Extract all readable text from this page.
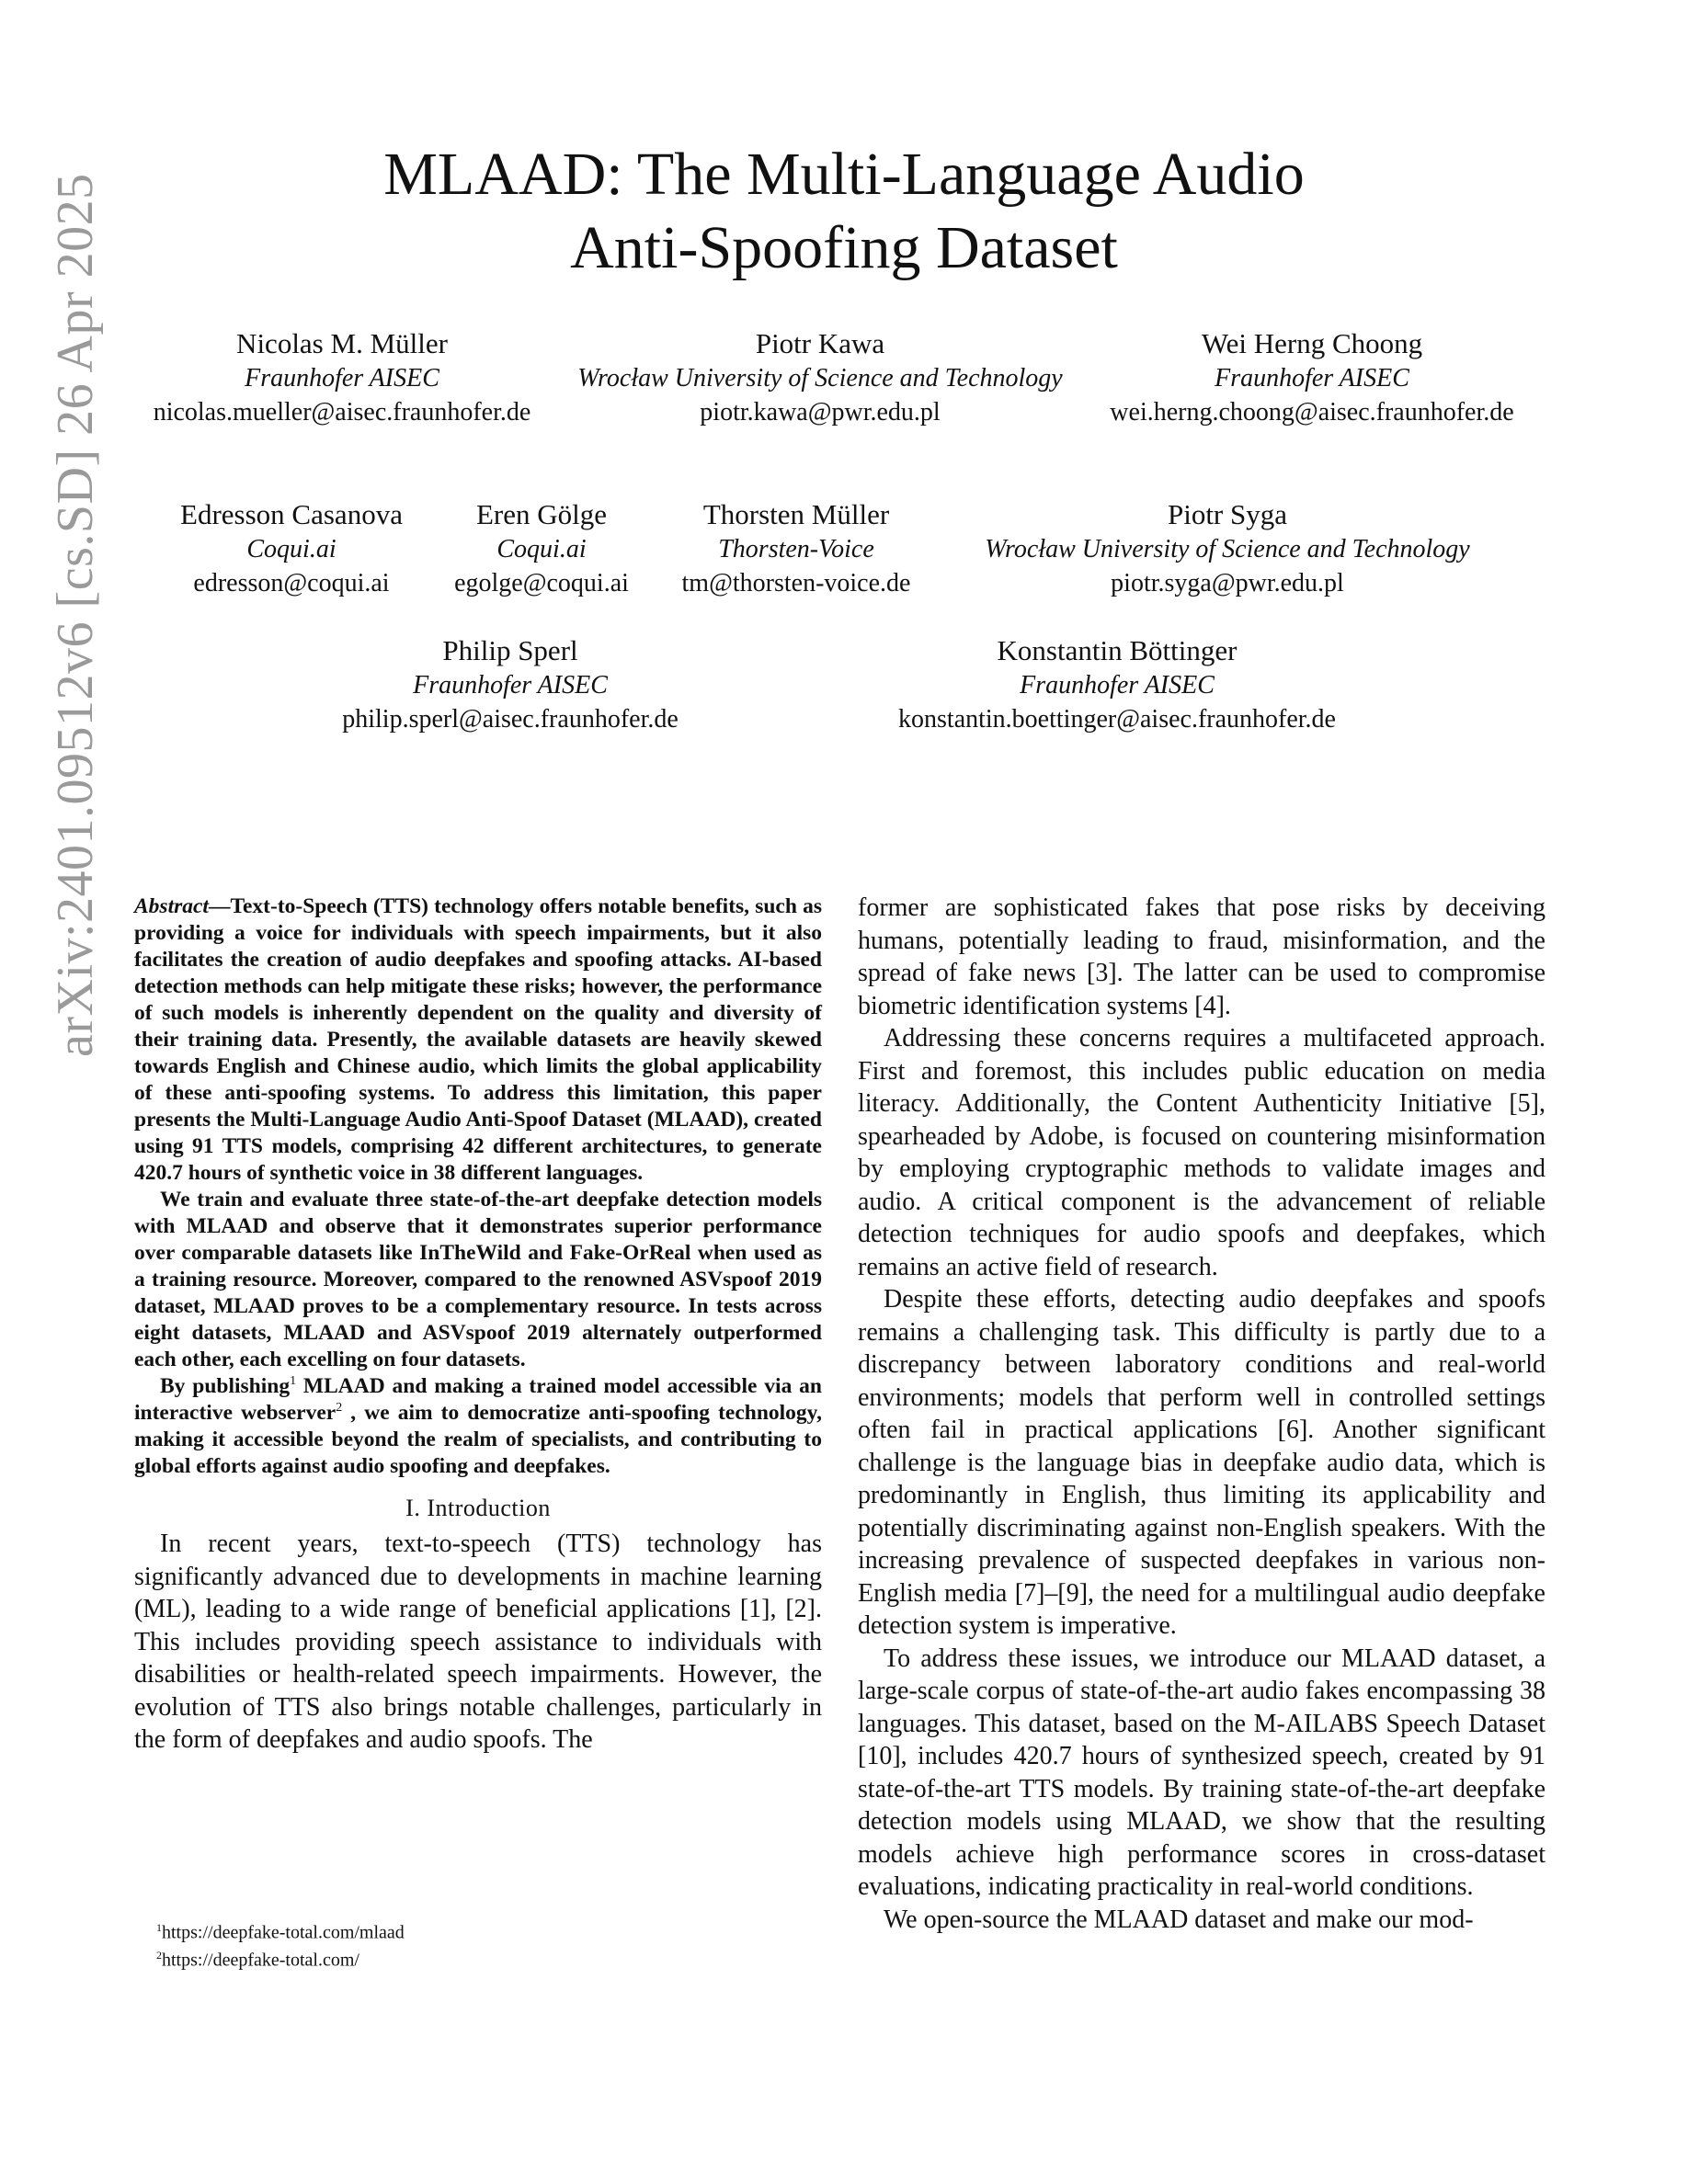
arXiv:2401.09512v6 [cs.SD] 26 Apr 2025	MLAAD: The Multi-Language Audio
Anti-Spoofing Dataset
Nicolas M. Müller
Fraunhofer AISEC
nicolas.mueller@aisec.fraunhofer.de
Piotr Kawa
Wrocław University of Science and Technology
piotr.kawa@pwr.edu.pl
Wei Herng Choong
Fraunhofer AISEC
wei.herng.choong@aisec.fraunhofer.de
Edresson Casanova
Coqui.ai
edresson@coqui.ai
Eren Gölge
Coqui.ai
egolge@coqui.ai
Thorsten Müller
Thorsten-Voice
tm@thorsten-voice.de
Piotr Syga
Wrocław University of Science and Technology
piotr.syga@pwr.edu.pl
Philip Sperl
Fraunhofer AISEC
philip.sperl@aisec.fraunhofer.de
Konstantin Böttinger
Fraunhofer AISEC
konstantin.boettinger@aisec.fraunhofer.de

Abstract—Text-to-Speech (TTS) technology offers notable benefits, such as providing a voice for individuals with speech impairments, but it also facilitates the creation of audio deepfakes and spoofing attacks. AI-based detection methods can help mitigate these risks; however, the performance of such models is inherently dependent on the quality and diversity of their training data. Presently, the available datasets are heavily skewed towards English and Chinese audio, which limits the global applicability of these anti-spoofing systems. To address this limitation, this paper presents the Multi-Language Audio Anti-Spoof Dataset (MLAAD), created using 91 TTS models, comprising 42 different architectures, to generate 420.7 hours of synthetic voice in 38 different languages.

We train and evaluate three state-of-the-art deepfake detection models with MLAAD and observe that it demonstrates superior performance over comparable datasets like InTheWild and Fake-OrReal when used as a training resource. Moreover, compared to the renowned ASVspoof 2019 dataset, MLAAD proves to be a complementary resource. In tests across eight datasets, MLAAD and ASVspoof 2019 alternately outperformed each other, each excelling on four datasets.

By publishing$^1$ MLAAD and making a trained model accessible via an interactive webserver$^2$ , we aim to democratize anti-spoofing technology, making it accessible beyond the realm of specialists, and contributing to global efforts against audio spoofing and deepfakes.

I. Introduction

In recent years, text-to-speech (TTS) technology has significantly advanced due to developments in machine learning (ML), leading to a wide range of beneficial applications [1], [2]. This includes providing speech assistance to individuals with disabilities or health-related speech impairments. However, the evolution of TTS also brings notable challenges, particularly in the form of deepfakes and audio spoofs. The

$^1$https://deepfake-total.com/mlaad
$^2$https://deepfake-total.com/

former are sophisticated fakes that pose risks by deceiving humans, potentially leading to fraud, misinformation, and the spread of fake news [3]. The latter can be used to compromise biometric identification systems [4].

Addressing these concerns requires a multifaceted approach. First and foremost, this includes public education on media literacy. Additionally, the Content Authenticity Initiative [5], spearheaded by Adobe, is focused on countering misinformation by employing cryptographic methods to validate images and audio. A critical component is the advancement of reliable detection techniques for audio spoofs and deepfakes, which remains an active field of research.

Despite these efforts, detecting audio deepfakes and spoofs remains a challenging task. This difficulty is partly due to a discrepancy between laboratory conditions and real-world environments; models that perform well in controlled settings often fail in practical applications [6]. Another significant challenge is the language bias in deepfake audio data, which is predominantly in English, thus limiting its applicability and potentially discriminating against non-English speakers. With the increasing prevalence of suspected deepfakes in various non-English media [7]–[9], the need for a multilingual audio deepfake detection system is imperative.

To address these issues, we introduce our MLAAD dataset, a large-scale corpus of state-of-the-art audio fakes encompassing 38 languages. This dataset, based on the M-AILABS Speech Dataset [10], includes 420.7 hours of synthesized speech, created by 91 state-of-the-art TTS models. By training state-of-the-art deepfake detection models using MLAAD, we show that the resulting models achieve high performance scores in cross-dataset evaluations, indicating practicality in real-world conditions.

We open-source the MLAAD dataset and make our mod-
